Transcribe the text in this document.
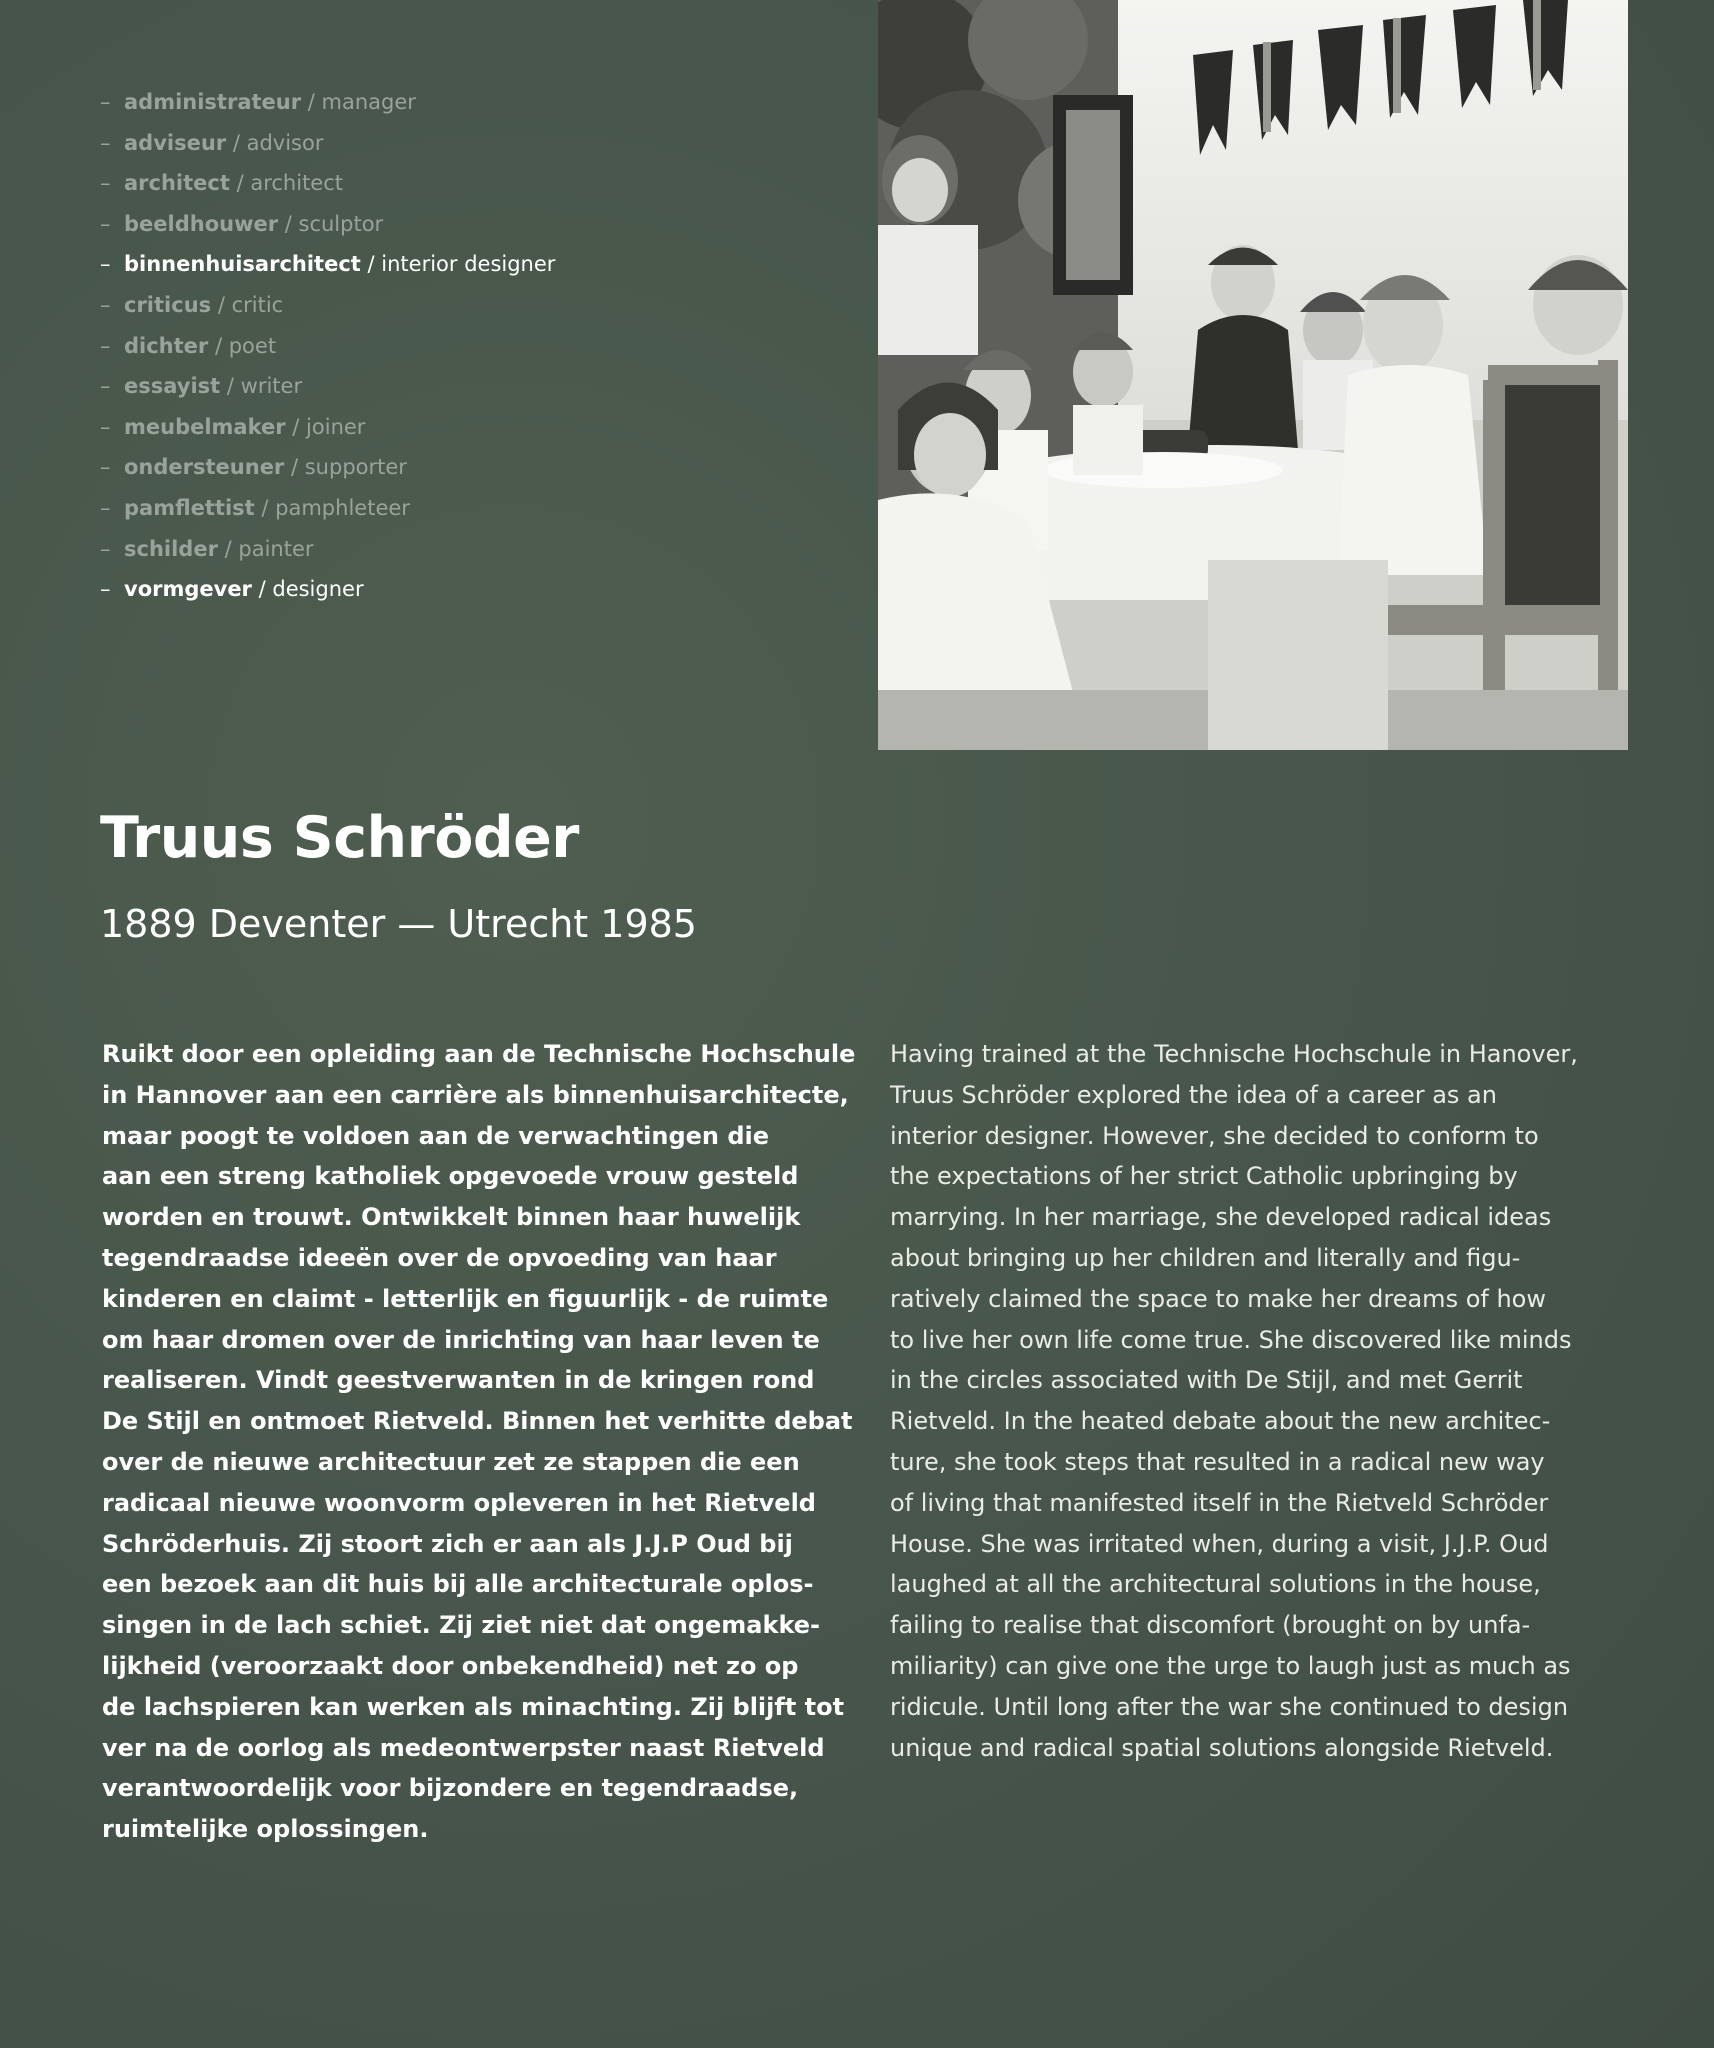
– administrateur / manager
– adviseur / advisor
– architect / architect
– beeldhouwer / sculptor
– binnenhuisarchitect / interior designer
– criticus / critic
– dichter / poet
– essayist / writer
– meubelmaker / joiner
– ondersteuner / supporter
– pamflettist / pamphleteer
– schilder / painter
– vormgever / designer
Truus Schröder
1889 Deventer — Utrecht 1985
Ruikt door een opleiding aan de Technische Hochschule
in Hannover aan een carrière als binnenhuisarchitecte,
maar poogt te voldoen aan de verwachtingen die
aan een streng katholiek opgevoede vrouw gesteld
worden en trouwt. Ontwikkelt binnen haar huwelijk
tegendraadse ideeën over de opvoeding van haar
kinderen en claimt - letterlijk en figuurlijk - de ruimte
om haar dromen over de inrichting van haar leven te
realiseren. Vindt geestverwanten in de kringen rond
De Stijl en ontmoet Rietveld. Binnen het verhitte debat
over de nieuwe architectuur zet ze stappen die een
radicaal nieuwe woonvorm opleveren in het Rietveld
Schröderhuis. Zij stoort zich er aan als J.J.P Oud bij
een bezoek aan dit huis bij alle architecturale oplos-
singen in de lach schiet. Zij ziet niet dat ongemakke-
lijkheid (veroorzaakt door onbekendheid) net zo op
de lachspieren kan werken als minachting. Zij blijft tot
ver na de oorlog als medeontwerpster naast Rietveld
verantwoordelijk voor bijzondere en tegendraadse,
ruimtelijke oplossingen.
Having trained at the Technische Hochschule in Hanover,
Truus Schröder explored the idea of a career as an
interior designer. However, she decided to conform to
the expectations of her strict Catholic upbringing by
marrying. In her marriage, she developed radical ideas
about bringing up her children and literally and figu-
ratively claimed the space to make her dreams of how
to live her own life come true. She discovered like minds
in the circles associated with De Stijl, and met Gerrit
Rietveld. In the heated debate about the new architec-
ture, she took steps that resulted in a radical new way
of living that manifested itself in the Rietveld Schröder
House. She was irritated when, during a visit, J.J.P. Oud
laughed at all the architectural solutions in the house,
failing to realise that discomfort (brought on by unfa-
miliarity) can give one the urge to laugh just as much as
ridicule. Until long after the war she continued to design
unique and radical spatial solutions alongside Rietveld.
